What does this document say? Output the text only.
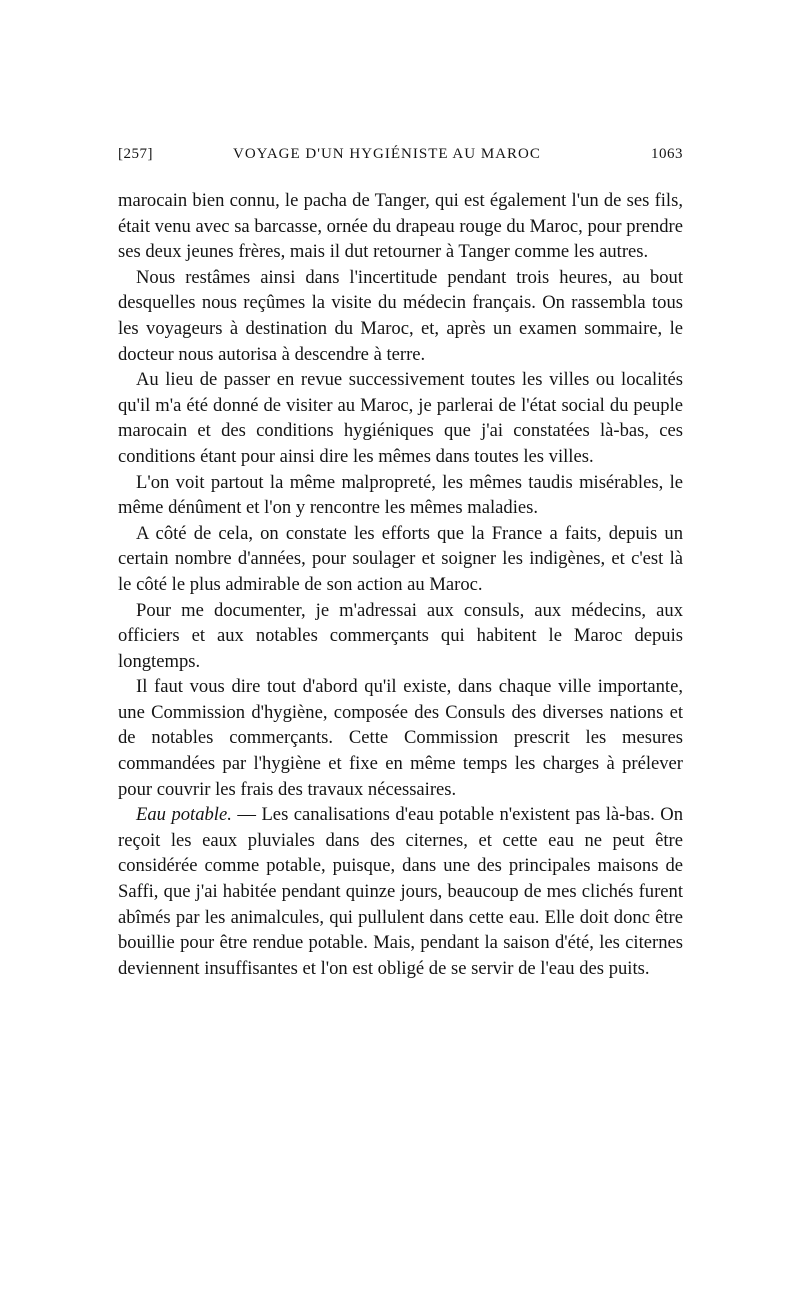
[257]	VOYAGE D'UN HYGIÉNISTE AU MAROC	1063

marocain bien connu, le pacha de Tanger, qui est également l'un de ses fils, était venu avec sa barcasse, ornée du drapeau rouge du Maroc, pour prendre ses deux jeunes frères, mais il dut retourner à Tanger comme les autres.

Nous restâmes ainsi dans l'incertitude pendant trois heures, au bout desquelles nous reçûmes la visite du médecin français. On rassembla tous les voyageurs à destination du Maroc, et, après un examen sommaire, le docteur nous autorisa à descendre à terre.

Au lieu de passer en revue successivement toutes les villes ou localités qu'il m'a été donné de visiter au Maroc, je parlerai de l'état social du peuple marocain et des conditions hygiéniques que j'ai constatées là-bas, ces conditions étant pour ainsi dire les mêmes dans toutes les villes.

L'on voit partout la même malpropreté, les mêmes taudis misérables, le même dénûment et l'on y rencontre les mêmes maladies.

A côté de cela, on constate les efforts que la France a faits, depuis un certain nombre d'années, pour soulager et soigner les indigènes, et c'est là le côté le plus admirable de son action au Maroc.

Pour me documenter, je m'adressai aux consuls, aux médecins, aux officiers et aux notables commerçants qui habitent le Maroc depuis longtemps.

Il faut vous dire tout d'abord qu'il existe, dans chaque ville importante, une Commission d'hygiène, composée des Consuls des diverses nations et de notables commerçants. Cette Commission prescrit les mesures commandées par l'hygiène et fixe en même temps les charges à prélever pour couvrir les frais des travaux nécessaires.

Eau potable. — Les canalisations d'eau potable n'existent pas là-bas. On reçoit les eaux pluviales dans des citernes, et cette eau ne peut être considérée comme potable, puisque, dans une des principales maisons de Saffi, que j'ai habitée pendant quinze jours, beaucoup de mes clichés furent abîmés par les animalcules, qui pullulent dans cette eau. Elle doit donc être bouillie pour être rendue potable. Mais, pendant la saison d'été, les citernes deviennent insuffisantes et l'on est obligé de se servir de l'eau des puits.
